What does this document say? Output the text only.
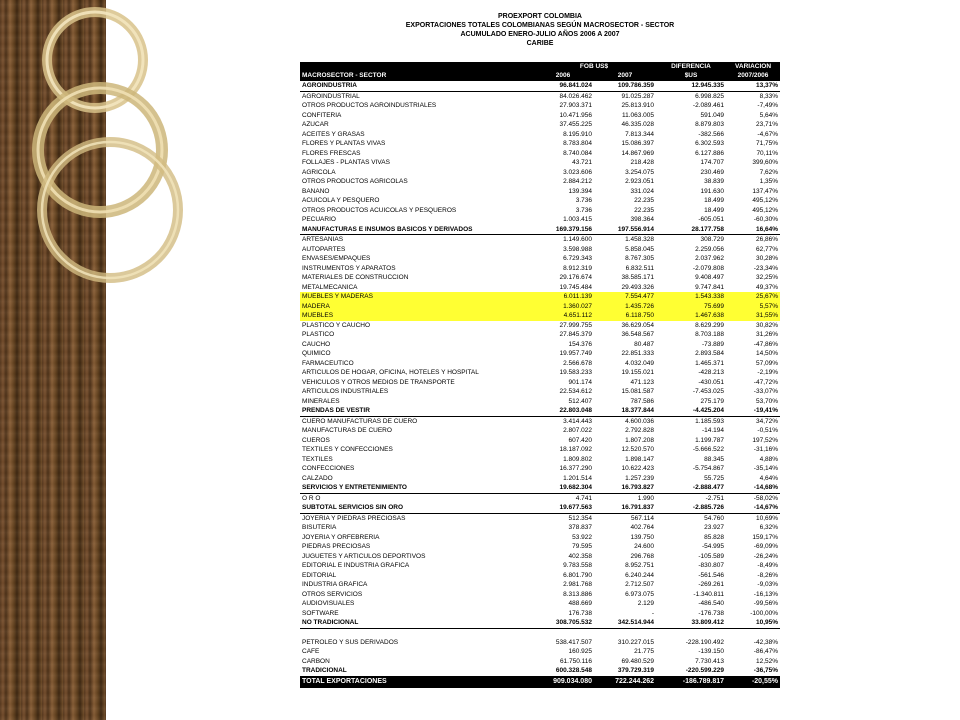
PROEXPORT COLOMBIA
EXPORTACIONES TOTALES COLOMBIANAS SEGÚN MACROSECTOR - SECTOR
ACUMULADO ENERO-JULIO AÑOS 2006 A 2007
CARIBE
	FOB US$		DIFERENCIA	VARIACION
MACROSECTOR - SECTOR	2006	2007	$US	2007/2006
AGROINDUSTRIA	96.841.024	109.786.359	12.945.335	13,37%
AGROINDUSTRIAL	84.026.462	91.025.287	6.998.825	8,33%
OTROS PRODUCTOS AGROINDUSTRIALES	27.903.371	25.813.910	-2.089.461	-7,49%
CONFITERIA	10.471.956	11.063.005	591.049	5,64%
AZUCAR	37.455.225	46.335.028	8.879.803	23,71%
ACEITES Y GRASAS	8.195.910	7.813.344	-382.566	-4,67%
FLORES Y PLANTAS VIVAS	8.783.804	15.086.397	6.302.593	71,75%
FLORES FRESCAS	8.740.084	14.867.969	6.127.886	70,11%
FOLLAJES - PLANTAS VIVAS	43.721	218.428	174.707	399,60%
AGRICOLA	3.023.606	3.254.075	230.469	7,62%
OTROS PRODUCTOS AGRICOLAS	2.884.212	2.923.051	38.839	1,35%
BANANO	139.394	331.024	191.630	137,47%
ACUICOLA Y PESQUERO	3.736	22.235	18.499	495,12%
OTROS PRODUCTOS ACUICOLAS Y PESQUEROS	3.736	22.235	18.499	495,12%
PECUARIO	1.003.415	398.364	-605.051	-60,30%
MANUFACTURAS E INSUMOS BASICOS Y DERIVADOS	169.379.156	197.556.914	28.177.758	16,64%
ARTESANIAS	1.149.600	1.458.328	308.729	26,86%
AUTOPARTES	3.598.988	5.858.045	2.259.056	62,77%
ENVASES/EMPAQUES	6.729.343	8.767.305	2.037.962	30,28%
INSTRUMENTOS Y APARATOS	8.912.319	6.832.511	-2.079.808	-23,34%
MATERIALES DE CONSTRUCCION	29.176.674	38.585.171	9.408.497	32,25%
METALMECANICA	19.745.484	29.493.326	9.747.841	49,37%
MUEBLES Y MADERAS	6.011.139	7.554.477	1.543.338	25,67%
MADERA	1.360.027	1.435.726	75.699	5,57%
MUEBLES	4.651.112	6.118.750	1.467.638	31,55%
PLASTICO Y CAUCHO	27.999.755	36.629.054	8.629.299	30,82%
PLASTICO	27.845.379	36.548.567	8.703.188	31,26%
CAUCHO	154.376	80.487	-73.889	-47,86%
QUIMICO	19.957.749	22.851.333	2.893.584	14,50%
FARMACEUTICO	2.566.678	4.032.049	1.465.371	57,09%
ARTICULOS DE HOGAR, OFICINA, HOTELES Y HOSPITAL	19.583.233	19.155.021	-428.213	-2,19%
VEHICULOS Y OTROS MEDIOS DE TRANSPORTE	901.174	471.123	-430.051	-47,72%
ARTICULOS INDUSTRIALES	22.534.612	15.081.587	-7.453.025	-33,07%
MINERALES	512.407	787.586	275.179	53,70%
PRENDAS DE VESTIR	22.803.048	18.377.844	-4.425.204	-19,41%
CUERO MANUFACTURAS DE CUERO	3.414.443	4.600.036	1.185.593	34,72%
MANUFACTURAS DE CUERO	2.807.022	2.792.828	-14.194	-0,51%
CUEROS	607.420	1.807.208	1.199.787	197,52%
TEXTILES Y CONFECCIONES	18.187.092	12.520.570	-5.666.522	-31,16%
TEXTILES	1.809.802	1.898.147	88.345	4,88%
CONFECCIONES	16.377.290	10.622.423	-5.754.867	-35,14%
CALZADO	1.201.514	1.257.239	55.725	4,64%
SERVICIOS Y ENTRETENIMIENTO	19.682.304	16.793.827	-2.888.477	-14,68%
O R O	4.741	1.990	-2.751	-58,02%
SUBTOTAL SERVICIOS SIN ORO	19.677.563	16.791.837	-2.885.726	-14,67%
JOYERIA Y PIEDRAS PRECIOSAS	512.354	567.114	54.760	10,69%
BISUTERIA	378.837	402.764	23.927	6,32%
JOYERIA Y ORFEBRERIA	53.922	139.750	85.828	159,17%
PIEDRAS PRECIOSAS	79.595	24.600	-54.995	-69,09%
JUGUETES Y ARTICULOS DEPORTIVOS	402.358	296.768	-105.589	-26,24%
EDITORIAL E INDUSTRIA GRAFICA	9.783.558	8.952.751	-830.807	-8,49%
EDITORIAL	6.801.790	6.240.244	-561.546	-8,26%
INDUSTRIA GRAFICA	2.981.768	2.712.507	-269.261	-9,03%
OTROS SERVICIOS	8.313.886	6.973.075	-1.340.811	-16,13%
AUDIOVISUALES	488.669	2.129	-486.540	-99,56%
SOFTWARE	176.738	-	-176.738	-100,00%
NO TRADICIONAL	308.705.532	342.514.944	33.809.412	10,95%

PETROLEO Y SUS DERIVADOS	538.417.507	310.227.015	-228.190.492	-42,38%
CAFE	160.925	21.775	-139.150	-86,47%
CARBON	61.750.116	69.480.529	7.730.413	12,52%
TRADICIONAL	600.328.548	379.729.319	-220.599.229	-36,75%
TOTAL EXPORTACIONES	909.034.080	722.244.262	-186.789.817	-20,55%
